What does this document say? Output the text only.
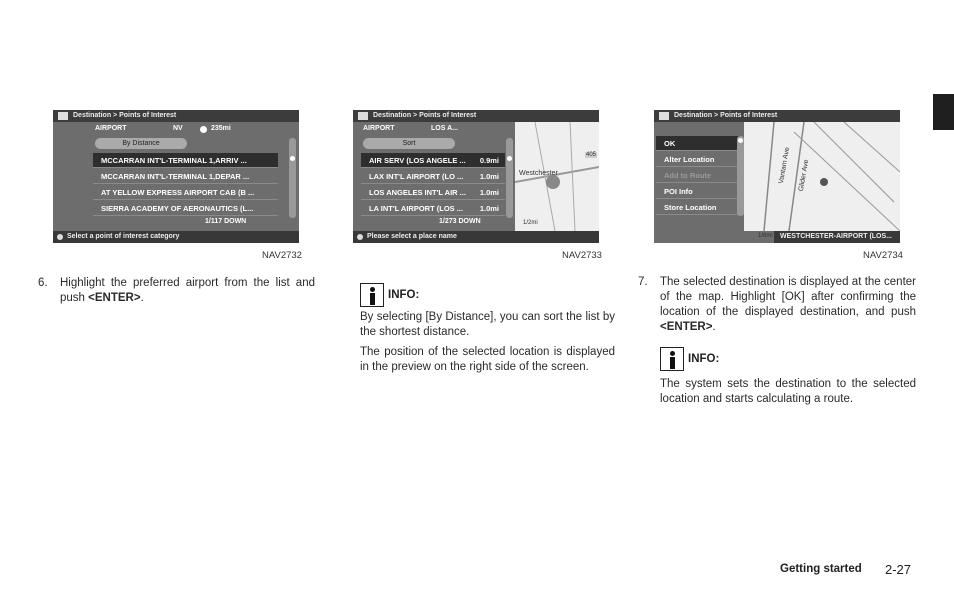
Destination > Points of Interest
AIRPORT	NV	235mi
By Distance
MCCARRAN INT'L-TERMINAL 1,ARRIV ...
MCCARRAN INT'L-TERMINAL 1,DEPAR ...
AT YELLOW EXPRESS AIRPORT CAB (B ...
SIERRA ACADEMY OF AERONAUTICS (L...
1/117 DOWN
Select a point of interest category
NAV2732
Destination > Points of Interest
Westchester
405
1/2mi
AIRPORT	LOS A...
Sort
AIR SERV (LOS ANGELE ... 0.9mi
LAX INT'L AIRPORT (LO ... 1.0mi
LOS ANGELES INT'L AIR ... 1.0mi
LA INT'L AIRPORT (LOS ... 1.0mi
1/273 DOWN
Please select a place name
NAV2733
Vantam Ave Glider Ave
1/8mi
Destination > Points of Interest
OK
Alter Location
Add to Route
POI Info
Store Location
WESTCHESTER-AIRPORT (LOS...
NAV2734
6. Highlight the preferred airport from the list and push <ENTER>.	INFO:
By selecting [By Distance], you can sort the list by the shortest distance.
The position of the selected location is displayed in the preview on the right side of the screen.
7. The selected destination is displayed at the center of the map. Highlight [OK] after confirming the location of the displayed destination, and push <ENTER>.
INFO:
The system sets the destination to the selected location and starts calculating a route.
Getting started 2-27
